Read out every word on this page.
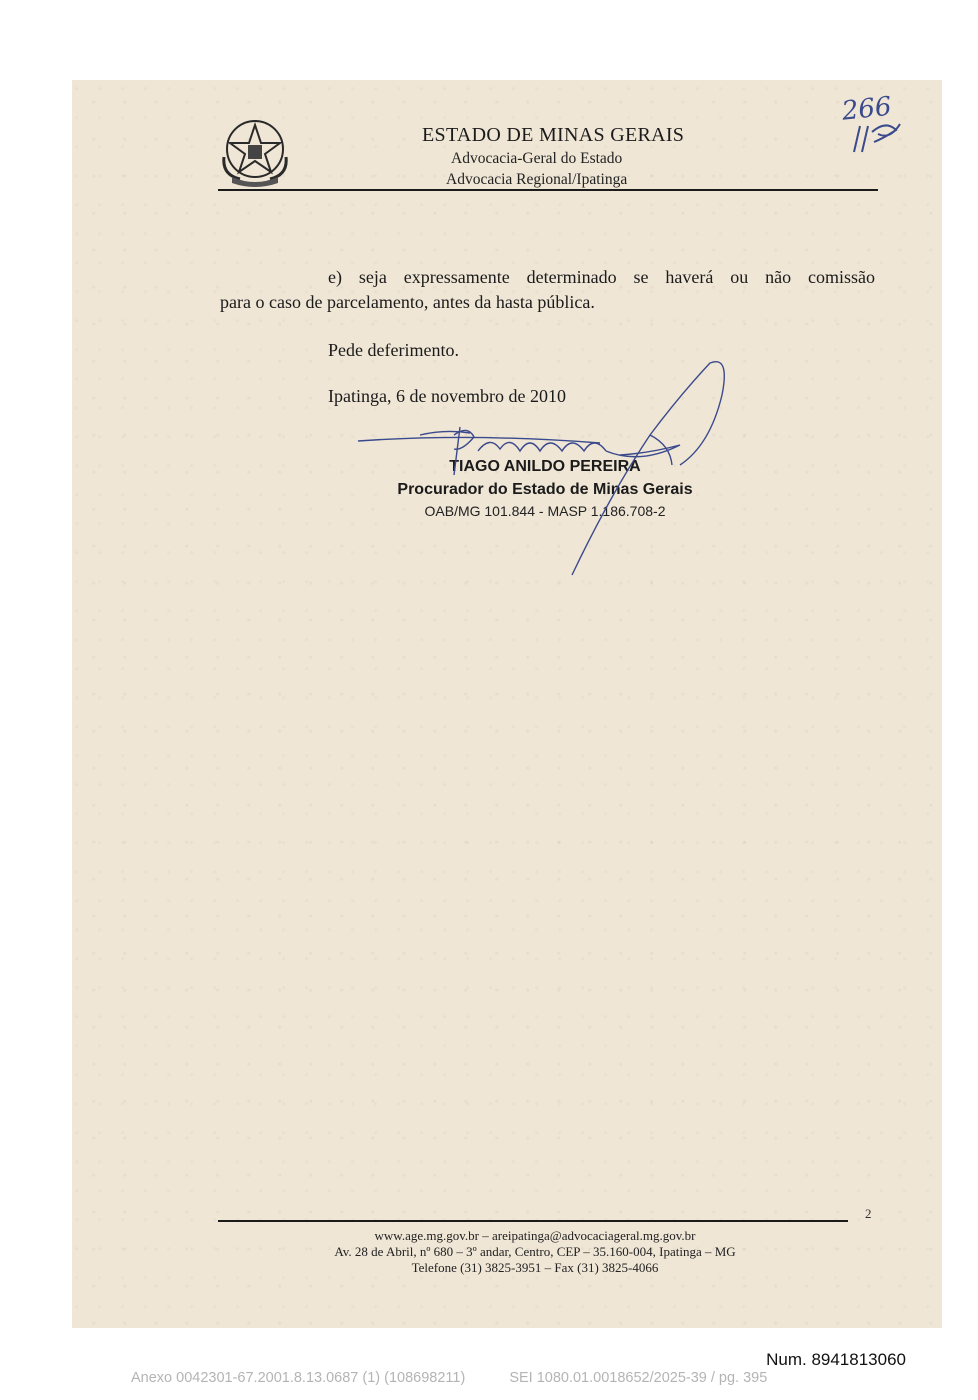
ESTADO DE MINAS GERAIS
Advocacia-Geral do Estado
Advocacia Regional/Ipatinga
266
e) seja expressamente determinado se haverá ou não comissão
para o caso de parcelamento, antes da hasta pública.
Pede deferimento.
Ipatinga, 6 de novembro de 2010
TIAGO ANILDO PEREIRA
Procurador do Estado de Minas Gerais
OAB/MG 101.844 - MASP 1.186.708-2
2
www.age.mg.gov.br – areipatinga@advocaciageral.mg.gov.br
Av. 28 de Abril, nº 680 – 3º andar, Centro, CEP – 35.160-004, Ipatinga – MG
Telefone (31) 3825-3951 – Fax (31) 3825-4066
Num. 8941813060
Anexo 0042301-67.2001.8.13.0687 (1) (108698211)	SEI 1080.01.0018652/2025-39 / pg. 395
